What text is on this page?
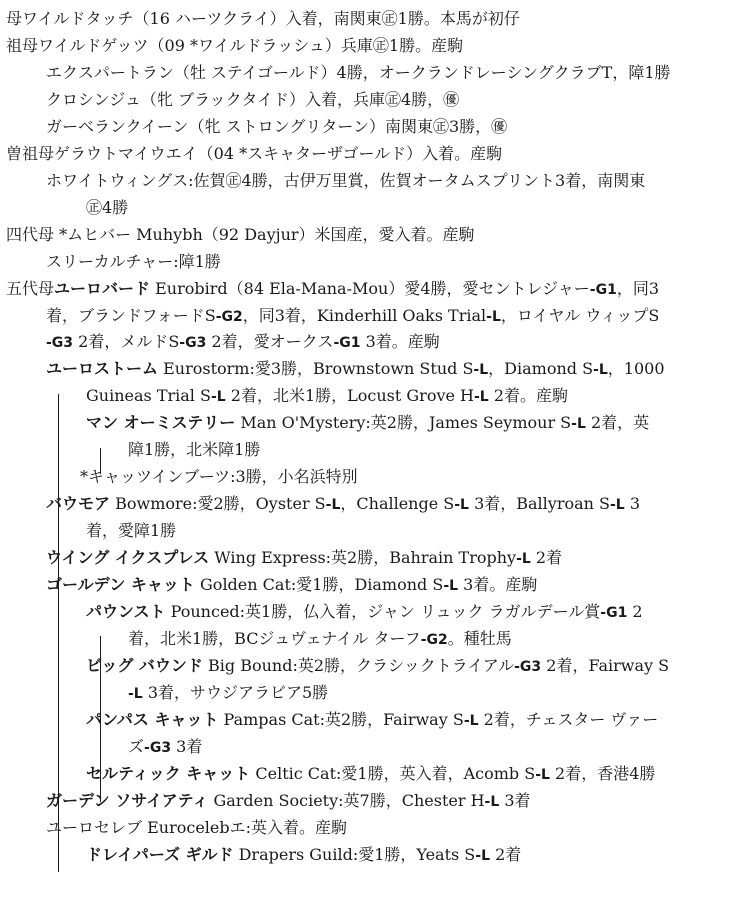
母ワイルドタッチ（16 ハーツクライ）入着，南関東㊣1勝。本馬が初仔
祖母ワイルドゲッツ（09 *ワイルドラッシュ）兵庫㊣1勝。産駒
エクスパートラン（牡 ステイゴールド）4勝，オークランドレーシングクラブT，障1勝
クロシンジュ（牝 ブラックタイド）入着，兵庫㊣4勝，㊝
ガーベランクイーン（牝 ストロングリターン）南関東㊣3勝，㊝
曽祖母ゲラウトマイウエイ（04 *スキャターザゴールド）入着。産駒
ホワイトウィングス:佐賀㊣4勝，古伊万里賞，佐賀オータムスプリント3着，南関東
㊣4勝
四代母 *ムヒバー Muhybh（92 Dayjur）米国産，愛入着。産駒
スリーカルチャー:障1勝
五代母ユーロバード Eurobird（84 Ela-Mana-Mou）愛4勝，愛セントレジャー-G1，同3
着，ブランドフォードS-G2，同3着，Kinderhill Oaks Trial-L，ロイヤル ウィップS
-G3 2着，メルドS-G3 2着，愛オークス-G1 3着。産駒
ユーロストーム Eurostorm:愛3勝，Brownstown Stud S-L，Diamond S-L，1000
Guineas Trial S-L 2着，北米1勝，Locust Grove H-L 2着。産駒
マン オーミステリー Man O'Mystery:英2勝，James Seymour S-L 2着，英
障1勝，北米障1勝
*キャッツインブーツ:3勝，小名浜特別
バウモア Bowmore:愛2勝，Oyster S-L，Challenge S-L 3着，Ballyroan S-L 3
着，愛障1勝
ウイング イクスプレス Wing Express:英2勝，Bahrain Trophy-L 2着
ゴールデン キャット Golden Cat:愛1勝，Diamond S-L 3着。産駒
パウンスト Pounced:英1勝，仏入着，ジャン リュック ラガルデール賞-G1 2
着，北米1勝，BCジュヴェナイル ターフ-G2。種牡馬
ビッグ バウンド Big Bound:英2勝，クラシックトライアル-G3 2着，Fairway S
-L 3着，サウジアラビア5勝
パンパス キャット Pampas Cat:英2勝，Fairway S-L 2着，チェスター ヴァー
ズ-G3 3着
セルティック キャット Celtic Cat:愛1勝，英入着，Acomb S-L 2着，香港4勝
ガーデン ソサイアティ Garden Society:英7勝，Chester H-L 3着
ユーロセレブ Eurocelebエ:英入着。産駒
ドレイパーズ ギルド Drapers Guild:愛1勝，Yeats S-L 2着
